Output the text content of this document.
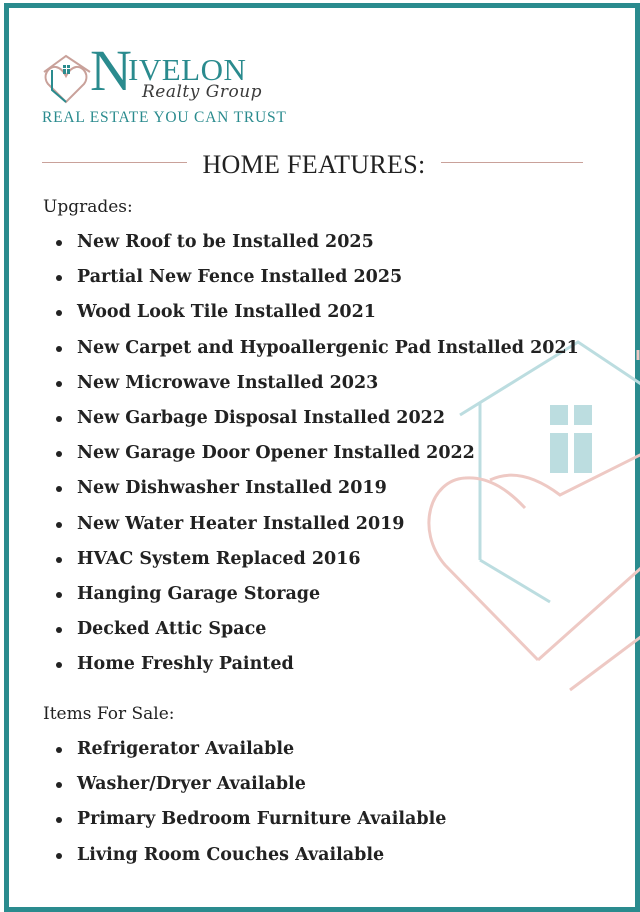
N
IVELON
Realty Group
REAL ESTATE YOU CAN TRUST
HOME FEATURES:
Upgrades:
New Roof to be Installed 2025
Partial New Fence Installed 2025
Wood Look Tile Installed 2021
New Carpet and Hypoallergenic Pad Installed 2021
New Microwave Installed 2023
New Garbage Disposal Installed 2022
New Garage Door Opener Installed 2022
New Dishwasher Installed 2019
New Water Heater Installed 2019
HVAC System Replaced 2016
Hanging Garage Storage
Decked Attic Space
Home Freshly Painted
Items For Sale:
Refrigerator Available
Washer/Dryer Available
Primary Bedroom Furniture Available
Living Room Couches Available
